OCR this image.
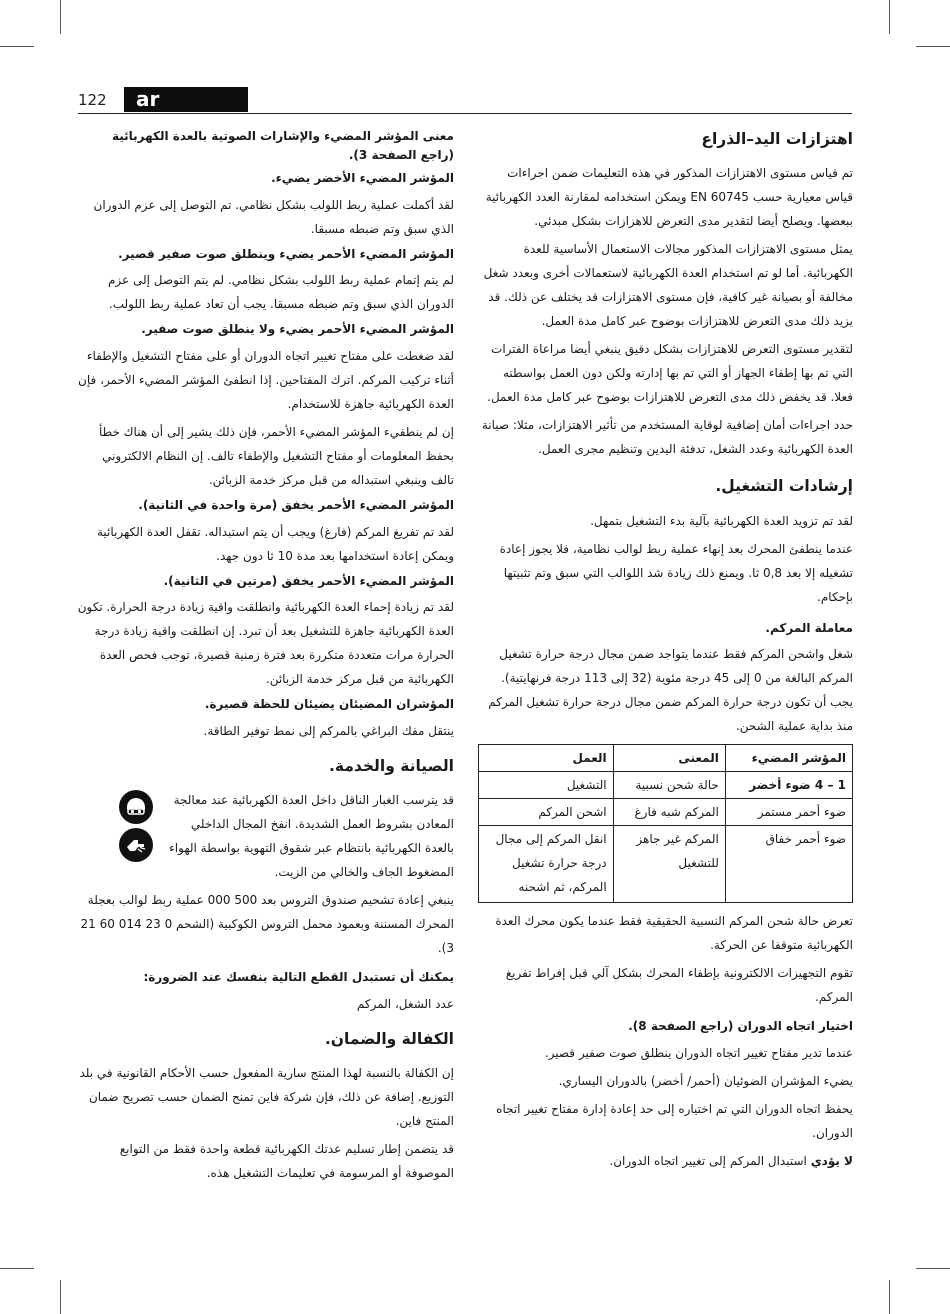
122	ar
اهتزازات اليد–الذراع

تم قياس مستوى الاهتزازات المذكور في هذه التعليمات ضمن اجراءات قياس معيارية حسب EN 60745 ويمكن استخدامه لمقارنة العدد الكهربائية ببعضها. ويصلح أيضا لتقدير مدى التعرض للاهزازات بشكل مبدئي.

يمثل مستوى الاهتزازات المذكور مجالات الاستعمال الأساسية للعدة الكهربائية. أما لو تم استخدام العدة الكهربائية لاستعمالات أخرى وبعدد شغل مخالفة أو بصيانة غير كافية، فإن مستوى الاهتزازات قد يختلف عن ذلك. قد يزيد ذلك مدى التعرض للاهتزازات بوضوح عبر كامل مدة العمل.

لتقدير مستوى التعرض للاهتزازات بشكل دقيق ينبغي أيضا مراعاة الفترات التي تم بها إطفاء الجهاز أو التي تم بها إدارته ولكن دون العمل بواسطته فعلا. قد يخفض ذلك مدى التعرض للاهتزازات بوضوح عبر كامل مدة العمل.

حدد اجراءات أمان إضافية لوقاية المستخدم من تأثير الاهتزازات، مثلا: صيانة العدة الكهربائية وعدد الشغل، تدفئة اليدين وتنظيم مجرى العمل.

إرشادات التشغيل.

لقد تم تزويد العدة الكهربائية بآلية بدء التشغيل بتمهل.

عندما ينطفئ المحرك بعد إنهاء عملية ربط لوالب نظامية، فلا يجوز إعادة تشغيله إلا بعد 0,8 ثا. ويمنع ذلك زيادة شد اللوالب التي سبق وتم تثبيتها بإحكام.

معاملة المركم.

شغل واشحن المركم فقط عندما يتواجد ضمن مجال درجة حرارة تشغيل المركم البالغة من 0 إلى 45 درجة مئوية (32 إلى 113 درجة فرنهايتية). يجب أن تكون درجة حرارة المركم ضمن مجال درجة حرارة تشغيل المركم منذ بداية عملية الشحن.

المؤشر المضيء	المعنى	العمل
1 – 4 ضوء أخضر	حالة شحن نسبية	التشغيل
ضوء أحمر مستمر	المركم شبه فارغ	اشحن المركم
ضوء أحمر خفاق	المركم غير جاهز للتشغيل	انقل المركم إلى مجال درجة حرارة تشغيل المركم، ثم اشحنه

تعرض حالة شحن المركم النسبية الحقيقية فقط عندما يكون محرك العدة الكهربائية متوقفا عن الحركة.

تقوم التجهيزات الالكترونية بإطفاء المحرك بشكل آلي قبل إفراط تفريغ المركم.

اختيار اتجاه الدوران (راجع الصفحة 8).

عندما تدير مفتاح تغيير اتجاه الدوران ينطلق صوت صفير قصير.

يضيء المؤشران الضوئيان (أحمر/ أخضر) بالدوران اليساري.

يحفظ اتجاه الدوران التي تم اختياره إلى حد إعادة إدارة مفتاح تغيير اتجاه الدوران.

لا يؤدي استبدال المركم إلى تغيير اتجاه الدوران.

معنى المؤشر المضيء والإشارات الصوتية بالعدة الكهربائية (راجع الصفحة 3).
المؤشر المضيء الأخضر يضيء.

لقد أكملت عملية ربط اللولب بشكل نظامي. تم التوصل إلى عزم الدوران الذي سبق وتم ضبطه مسبقا.

المؤشر المضيء الأحمر يضيء وينطلق صوت صفير قصير.

لم يتم إتمام عملية ربط اللولب بشكل نظامي. لم يتم التوصل إلى عزم الدوران الذي سبق وتم ضبطه مسبقا. يجب أن تعاد عملية ربط اللولب.

المؤشر المضيء الأحمر يضيء ولا ينطلق صوت صفير.

لقد ضغطت على مفتاح تغيير اتجاه الدوران أو على مفتاح التشغيل والإطفاء أثناء تركيب المركم. اترك المفتاحين. إذا انطفئ المؤشر المضيء الأحمر، فإن العدة الكهربائية جاهزة للاستخدام.

إن لم ينطفيء المؤشر المضيء الأحمر، فإن ذلك يشير إلى أن هناك خطأ بحفظ المعلومات أو مفتاح التشغيل والإطفاء تالف. إن النظام الالكتروني تالف وينبغي استبداله من قبل مركز خدمة الزبائن.

المؤشر المضيء الأحمر يخفق (مرة واحدة في الثانية).

لقد تم تفريغ المركم (فارغ) ويجب أن يتم استبداله. تقفل العدة الكهربائية ويمكن إعادة استخدامها بعد مدة 10 ثا دون جهد.

المؤشر المضيء الأحمر يخفق (مرتين في الثانية).

لقد تم زيادة إحماء العدة الكهربائية وانطلقت واقية زيادة درجة الحرارة. تكون العدة الكهربائية جاهزة للتشغيل بعد أن تبرد. إن انطلقت واقية زيادة درجة الحرارة مرات متعددة متكررة بعد فترة زمنية قصيرة، توجب فحص العدة الكهربائية من قبل مركز خدمة الزبائن.

المؤشران المضيئان يضيئان للحظة قصيرة.

ينتقل مفك البراغي بالمركم إلى نمط توفير الطاقة.

الصيانة والخدمة.

قد يترسب الغبار الناقل داخل العدة الكهربائية عند معالجة المعادن بشروط العمل الشديدة. انفخ المجال الداخلي بالعدة الكهربائية بانتظام عبر شقوق التهوية بواسطة الهواء المضغوط الجاف والخالي من الزيت.

ينبغي إعادة تشحيم صندوق التروس بعد 500 000 عملية ربط لوالب بعجلة المحرك المسننة وبعمود محمل التروس الكوكبية (الشحم 0 23 014 60 21 3).

يمكنك أن تستبدل القطع التالية بنفسك عند الضرورة:

عدد الشغل، المركم

الكفالة والضمان.

إن الكفالة بالنسبة لهذا المنتج سارية المفعول حسب الأحكام القانونية في بلد التوزيع. إضافة عن ذلك، فإن شركة فاين تمنح الضمان حسب تصريح ضمان المنتج فاين.

قد يتضمن إطار تسليم عدتك الكهربائية قطعة واحدة فقط من التوابع الموصوفة أو المرسومة في تعليمات التشغيل هذه.
